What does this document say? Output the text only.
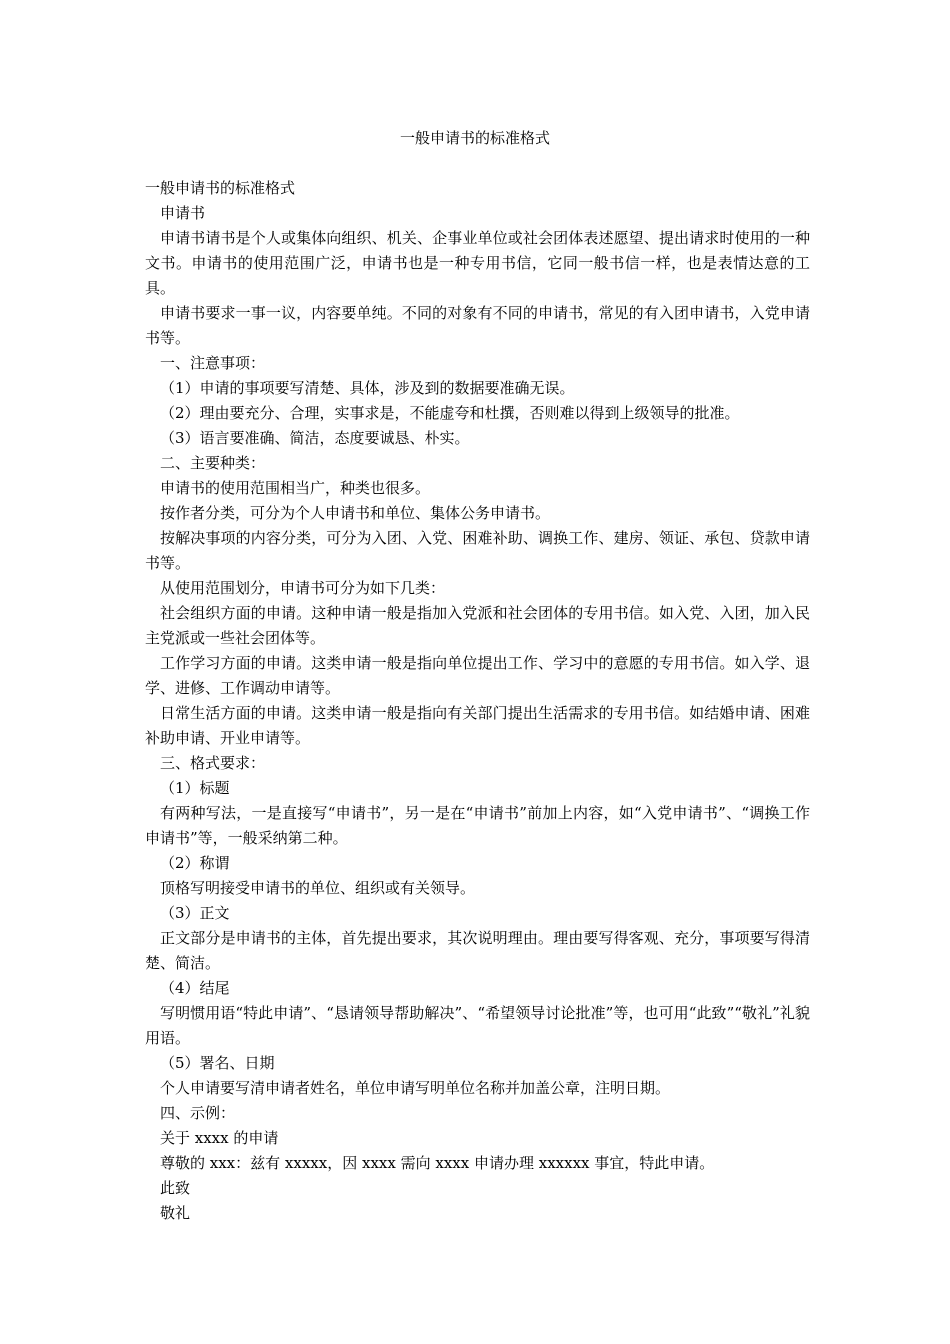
一般申请书的标准格式

一般申请书的标准格式

申请书

申请书请书是个人或集体向组织、机关、企事业单位或社会团体表述愿望、提出请求时使用的一种文书。申请书的使用范围广泛，申请书也是一种专用书信，它同一般书信一样，也是表情达意的工具。

申请书要求一事一议，内容要单纯。不同的对象有不同的申请书，常见的有入团申请书，入党申请书等。

一、注意事项：

（1）申请的事项要写清楚、具体，涉及到的数据要准确无误。

（2）理由要充分、合理，实事求是，不能虚夸和杜撰，否则难以得到上级领导的批准。

（3）语言要准确、简洁，态度要诚恳、朴实。

二、主要种类：

申请书的使用范围相当广，种类也很多。

按作者分类，可分为个人申请书和单位、集体公务申请书。

按解决事项的内容分类，可分为入团、入党、困难补助、调换工作、建房、领证、承包、贷款申请书等。

从使用范围划分，申请书可分为如下几类：

社会组织方面的申请。这种申请一般是指加入党派和社会团体的专用书信。如入党、入团，加入民主党派或一些社会团体等。

工作学习方面的申请。这类申请一般是指向单位提出工作、学习中的意愿的专用书信。如入学、退学、进修、工作调动申请等。

日常生活方面的申请。这类申请一般是指向有关部门提出生活需求的专用书信。如结婚申请、困难补助申请、开业申请等。

三、格式要求：

（1）标题

有两种写法，一是直接写“申请书”，另一是在“申请书”前加上内容，如“入党申请书”、“调换工作申请书”等，一般采纳第二种。

（2）称谓

顶格写明接受申请书的单位、组织或有关领导。

（3）正文

正文部分是申请书的主体，首先提出要求，其次说明理由。理由要写得客观、充分，事项要写得清楚、简洁。

（4）结尾

写明惯用语“特此申请”、“恳请领导帮助解决”、“希望领导讨论批准”等，也可用“此致”“敬礼”礼貌用语。

（5）署名、日期

个人申请要写清申请者姓名，单位申请写明单位名称并加盖公章，注明日期。

四、示例：

关于 xxxx 的申请

尊敬的 xxx：兹有 xxxxx，因 xxxx 需向 xxxx 申请办理 xxxxxx 事宜，特此申请。

此致

敬礼
